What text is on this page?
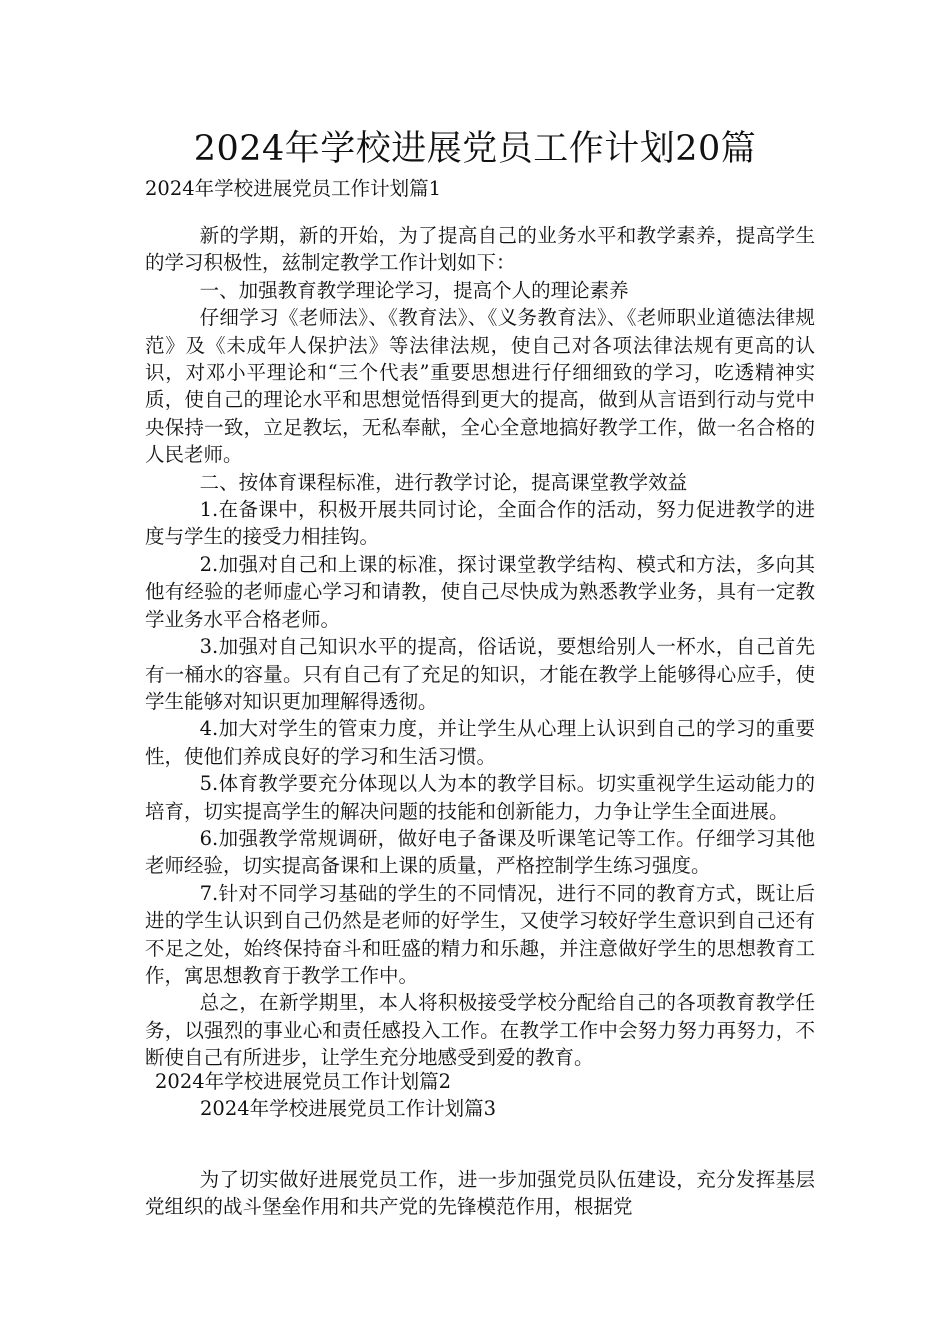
2024年学校进展党员工作计划20篇
2024年学校进展党员工作计划篇1

新的学期，新的开始，为了提高自己的业务水平和教学素养，提高学生的学习积极性，兹制定教学工作计划如下：

一、加强教育教学理论学习，提高个人的理论素养

仔细学习《老师法》、《教育法》、《义务教育法》、《老师职业道德法律规范》及《未成年人保护法》等法律法规，使自己对各项法律法规有更高的认识，对邓小平理论和“三个代表”重要思想进行仔细细致的学习，吃透精神实质，使自己的理论水平和思想觉悟得到更大的提高，做到从言语到行动与党中央保持一致，立足教坛，无私奉献，全心全意地搞好教学工作，做一名合格的人民老师。

二、按体育课程标准，进行教学讨论，提高课堂教学效益

1.在备课中，积极开展共同讨论，全面合作的活动，努力促进教学的进度与学生的接受力相挂钩。

2.加强对自己和上课的标准，探讨课堂教学结构、模式和方法，多向其他有经验的老师虚心学习和请教，使自己尽快成为熟悉教学业务，具有一定教学业务水平合格老师。

3.加强对自己知识水平的提高，俗话说，要想给别人一杯水，自己首先有一桶水的容量。只有自己有了充足的知识，才能在教学上能够得心应手，使学生能够对知识更加理解得透彻。

4.加大对学生的管束力度，并让学生从心理上认识到自己的学习的重要性，使他们养成良好的学习和生活习惯。

5.体育教学要充分体现以人为本的教学目标。切实重视学生运动能力的培育，切实提高学生的解决问题的技能和创新能力，力争让学生全面进展。

6.加强教学常规调研，做好电子备课及听课笔记等工作。仔细学习其他老师经验，切实提高备课和上课的质量，严格控制学生练习强度。

7.针对不同学习基础的学生的不同情况，进行不同的教育方式，既让后进的学生认识到自己仍然是老师的好学生，又使学习较好学生意识到自己还有不足之处，始终保持奋斗和旺盛的精力和乐趣，并注意做好学生的思想教育工作，寓思想教育于教学工作中。

总之，在新学期里，本人将积极接受学校分配给自己的各项教育教学任务，以强烈的事业心和责任感投入工作。在教学工作中会努力努力再努力，不断使自己有所进步，让学生充分地感受到爱的教育。

2024年学校进展党员工作计划篇2
2024年学校进展党员工作计划篇3

为了切实做好进展党员工作，进一步加强党员队伍建设，充分发挥基层党组织的战斗堡垒作用和共产党的先锋模范作用，根据党
